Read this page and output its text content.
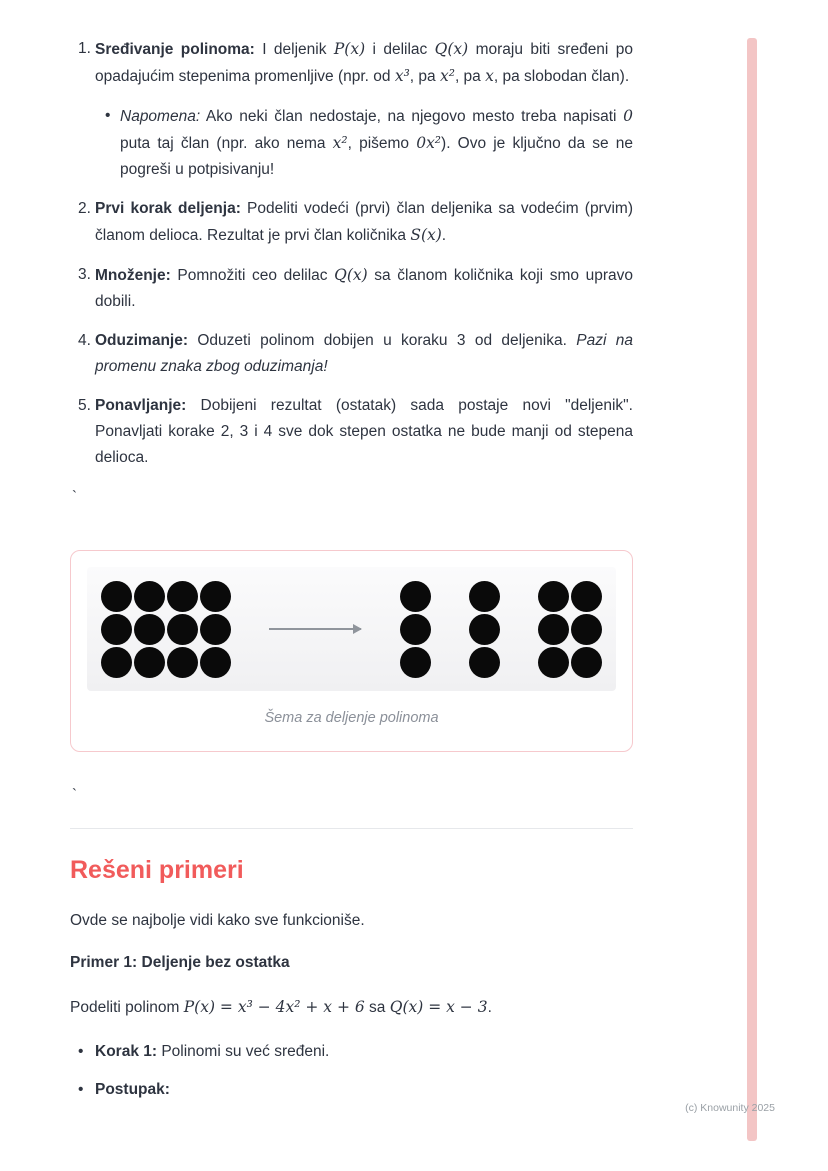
1. Sređivanje polinoma: I deljenik P(x) i delilac Q(x) moraju biti sređeni po opadajućim stepenima promenljive (npr. od x³, pa x², pa x, pa slobodan član).
• Napomena: Ako neki član nedostaje, na njegovo mesto treba napisati 0 puta taj član (npr. ako nema x², pišemo 0x²). Ovo je ključno da se ne pogreši u potpisivanju!
2. Prvi korak deljenja: Podeliti vodeći (prvi) član deljenika sa vodećim (prvim) članom delioca. Rezultat je prvi član količnika S(x).
3. Množenje: Pomnožiti ceo delilac Q(x) sa članom količnika koji smo upravo dobili.
4. Oduzimanje: Oduzeti polinom dobijen u koraku 3 od deljenika. Pazi na promenu znaka zbog oduzimanja!
5. Ponavljanje: Dobijeni rezultat (ostatak) sada postaje novi "deljenik". Ponavljati korake 2, 3 i 4 sve dok stepen ostatka ne bude manji od stepena delioca.
`
Šema za deljenje polinoma
`
Rešeni primeri
Ovde se najbolje vidi kako sve funkcioniše.
Primer 1: Deljenje bez ostatka
Podeliti polinom P(x) = x³ − 4x² + x + 6 sa Q(x) = x − 3.
• Korak 1: Polinomi su već sređeni.
• Postupak:
(c) Knowunity 2025
